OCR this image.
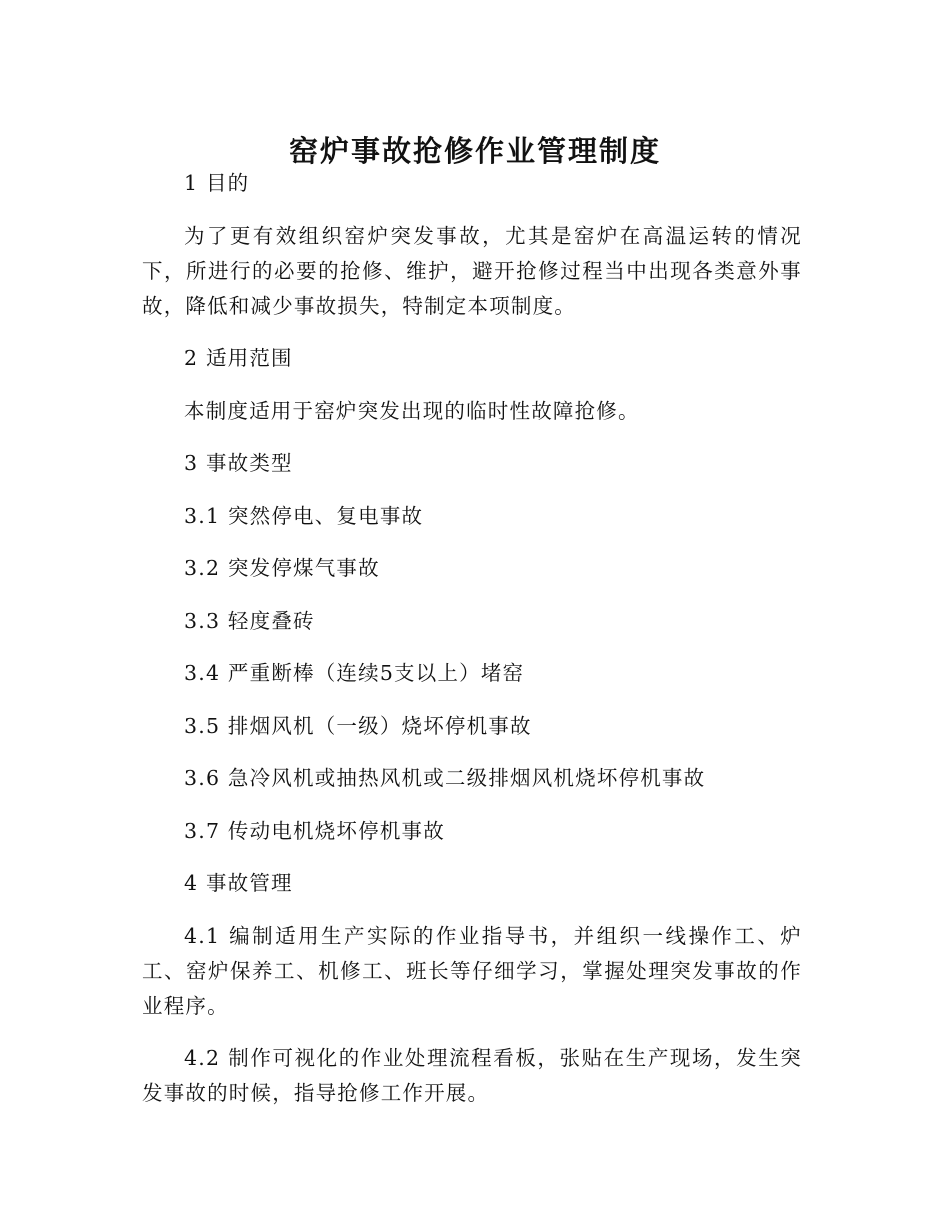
窑炉事故抢修作业管理制度

1 目的

为了更有效组织窑炉突发事故，尤其是窑炉在高温运转的情况下，所进行的必要的抢修、维护，避开抢修过程当中出现各类意外事故，降低和减少事故损失，特制定本项制度。

2 适用范围

本制度适用于窑炉突发出现的临时性故障抢修。

3 事故类型

3.1 突然停电、复电事故

3.2 突发停煤气事故

3.3 轻度叠砖

3.4 严重断棒（连续5支以上）堵窑

3.5 排烟风机（一级）烧坏停机事故

3.6 急冷风机或抽热风机或二级排烟风机烧坏停机事故

3.7 传动电机烧坏停机事故

4 事故管理

4.1 编制适用生产实际的作业指导书，并组织一线操作工、炉工、窑炉保养工、机修工、班长等仔细学习，掌握处理突发事故的作业程序。

4.2 制作可视化的作业处理流程看板，张贴在生产现场，发生突发事故的时候，指导抢修工作开展。
